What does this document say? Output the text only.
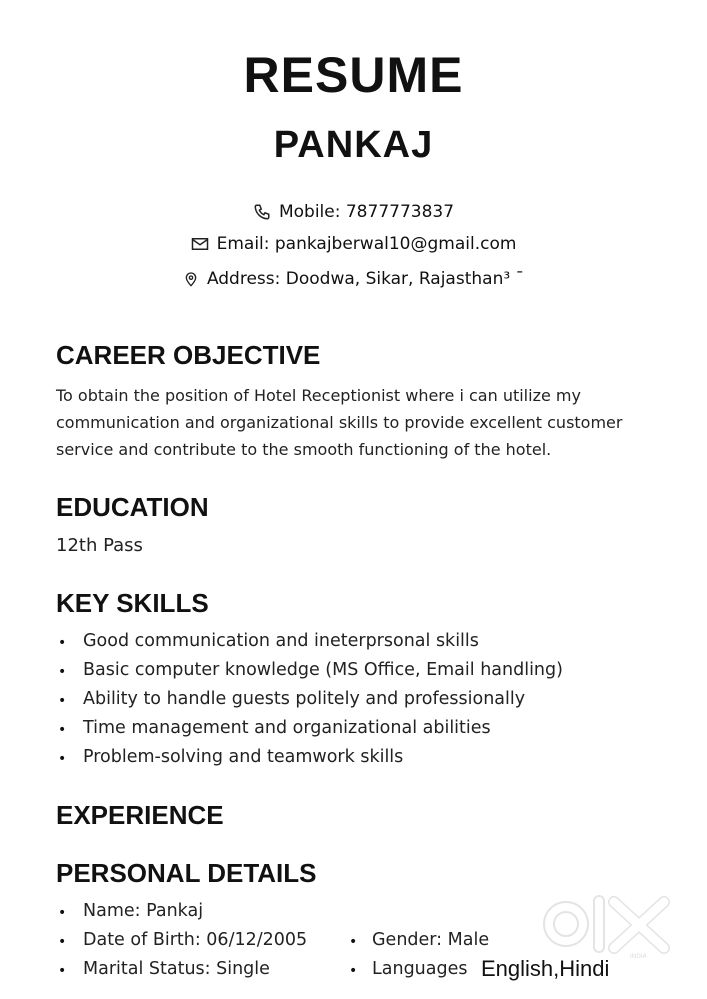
RESUME
PANKAJ
Mobile: 7877773837
Email: pankajberwal10@gmail.com
Address: Doodwa, Sikar, Rajasthan³ ¯
CAREER OBJECTIVE
To obtain the position of Hotel Receptionist where i can utilize my
communication and organizational skills to provide excellent customer
service and contribute to the smooth functioning of the hotel.
EDUCATION
12th Pass
KEY SKILLS
• Good communication and ineterprsonal skills
• Basic computer knowledge (MS Office, Email handling)
• Ability to handle guests politely and professionally
• Time management and organizational abilities
• Problem-solving and teamwork skills
EXPERIENCE
PERSONAL DETAILS
• Name: Pankaj
• Date of Birth: 06/12/2005
• Marital Status: Single
• Gender: Male
• Languages English,Hindi	INDIA
